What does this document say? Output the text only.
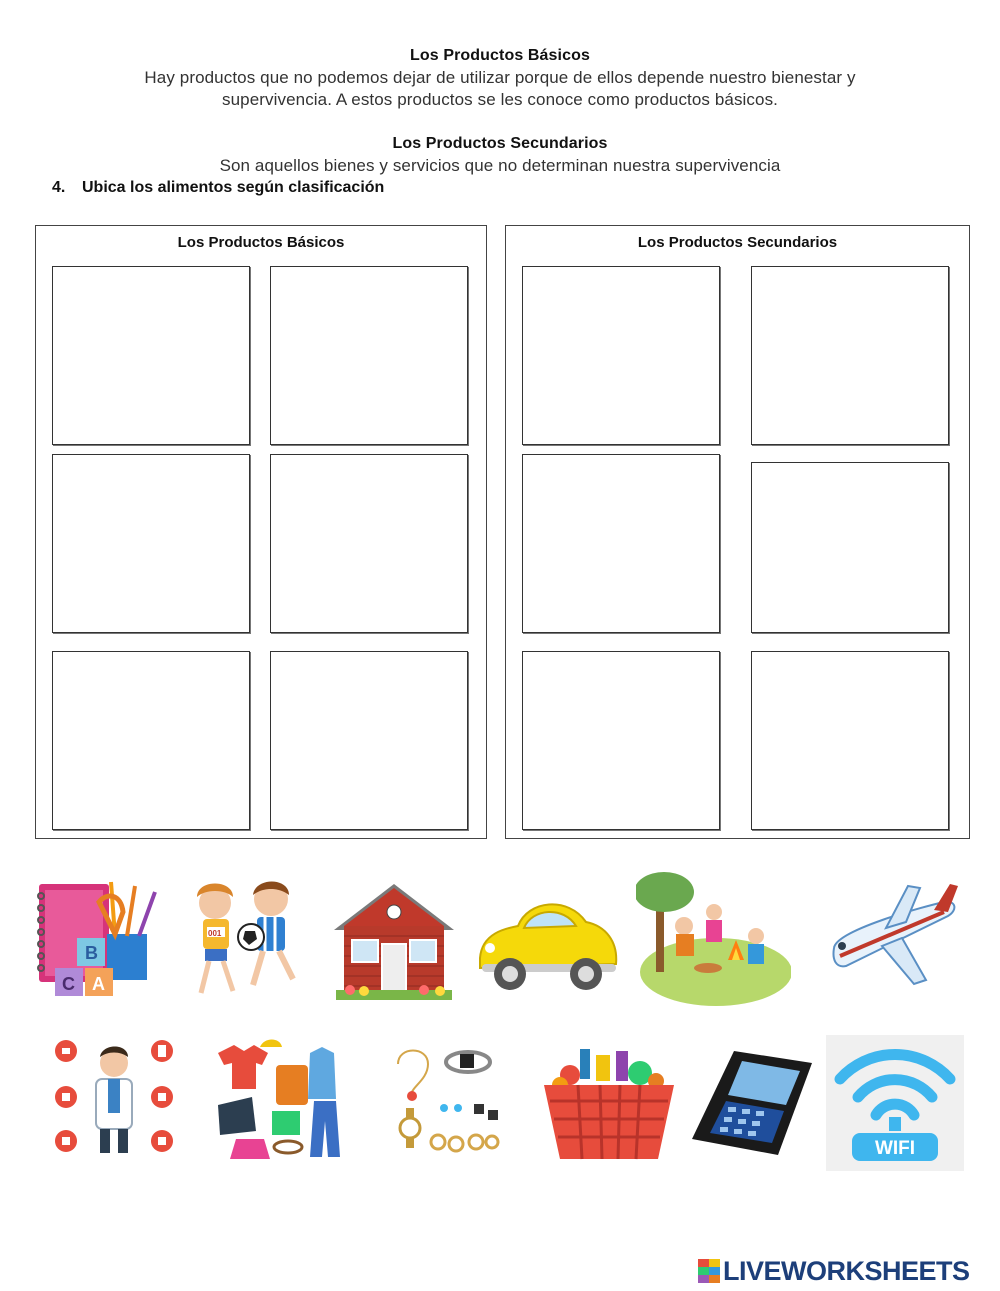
Los Productos Básicos
Hay productos que no podemos dejar de utilizar porque de ellos depende nuestro bienestar y
supervivencia. A estos productos se les conoce como productos básicos.
Los Productos Secundarios
Son aquellos bienes y servicios que no determinan nuestra supervivencia
4. Ubica los alimentos según clasificación
Los Productos Básicos	Los Productos Secundarios
B
C A
001
WIFI
LIVEWORKSHEETS
